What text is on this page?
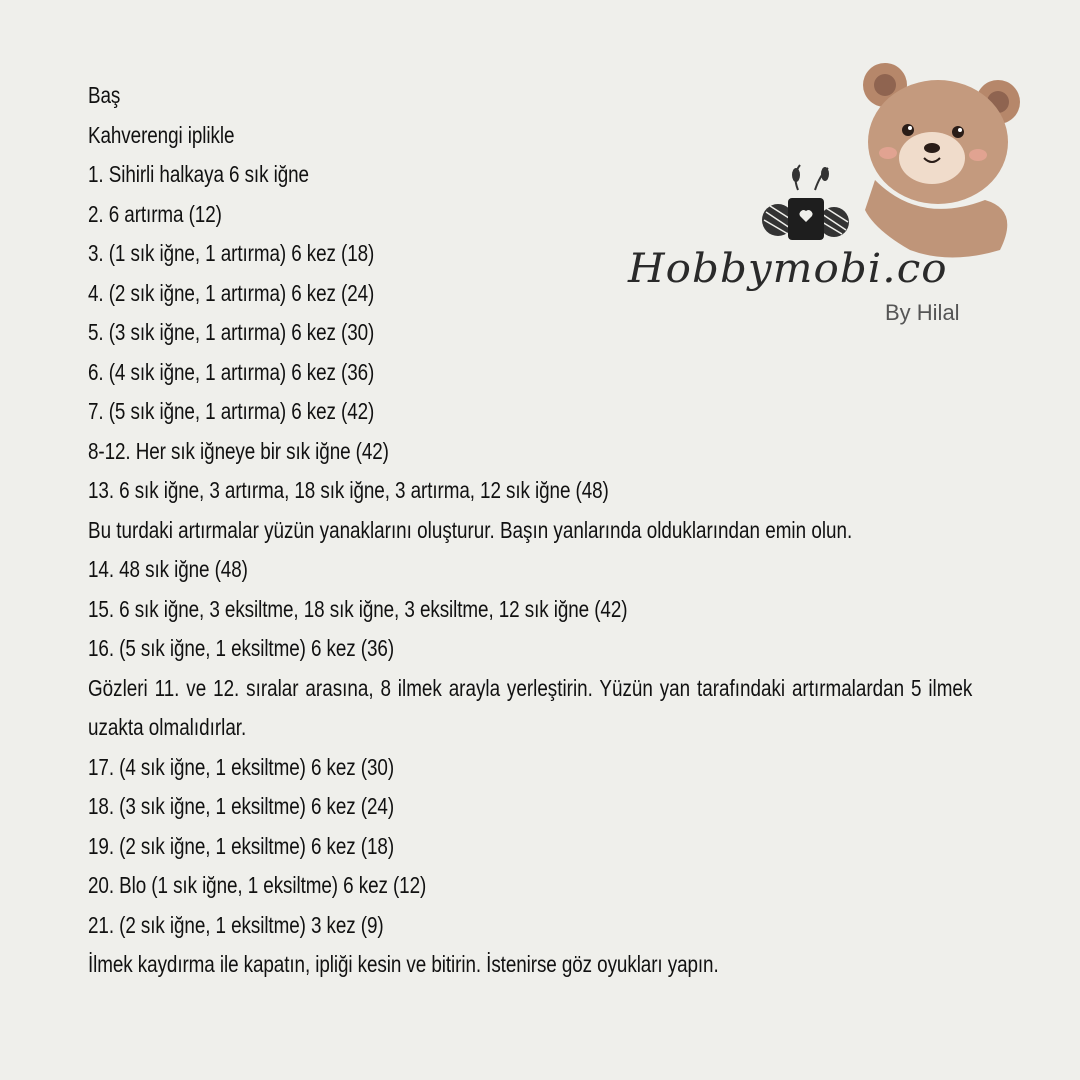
Baş
Kahverengi iplikle
1. Sihirli halkaya 6 sık iğne
2. 6 artırma (12)
3. (1 sık iğne, 1 artırma) 6 kez (18)
4. (2 sık iğne, 1 artırma) 6 kez (24)
5. (3 sık iğne, 1 artırma) 6 kez (30)
6. (4 sık iğne, 1 artırma) 6 kez (36)
7. (5 sık iğne, 1 artırma) 6 kez (42)
8-12. Her sık iğneye bir sık iğne (42)
13. 6 sık iğne, 3 artırma, 18 sık iğne, 3 artırma, 12 sık iğne (48)
Bu turdaki artırmalar yüzün yanaklarını oluşturur. Başın yanlarında olduklarından emin olun.
14. 48 sık iğne (48)
15. 6 sık iğne, 3 eksiltme, 18 sık iğne, 3 eksiltme, 12 sık iğne (42)
16. (5 sık iğne, 1 eksiltme) 6 kez (36)
Gözleri 11. ve 12. sıralar arasına, 8 ilmek arayla yerleştirin. Yüzün yan tarafındaki artırmalardan 5 ilmek uzakta olmalıdırlar.
17. (4 sık iğne, 1 eksiltme) 6 kez (30)
18. (3 sık iğne, 1 eksiltme) 6 kez (24)
19. (2 sık iğne, 1 eksiltme) 6 kez (18)
20. Blo (1 sık iğne, 1 eksiltme) 6 kez (12)
21. (2 sık iğne, 1 eksiltme) 3 kez (9)
İlmek kaydırma ile kapatın, ipliği kesin ve bitirin. İstenirse göz oyukları yapın.
Hobbymobi.co
By Hilal
